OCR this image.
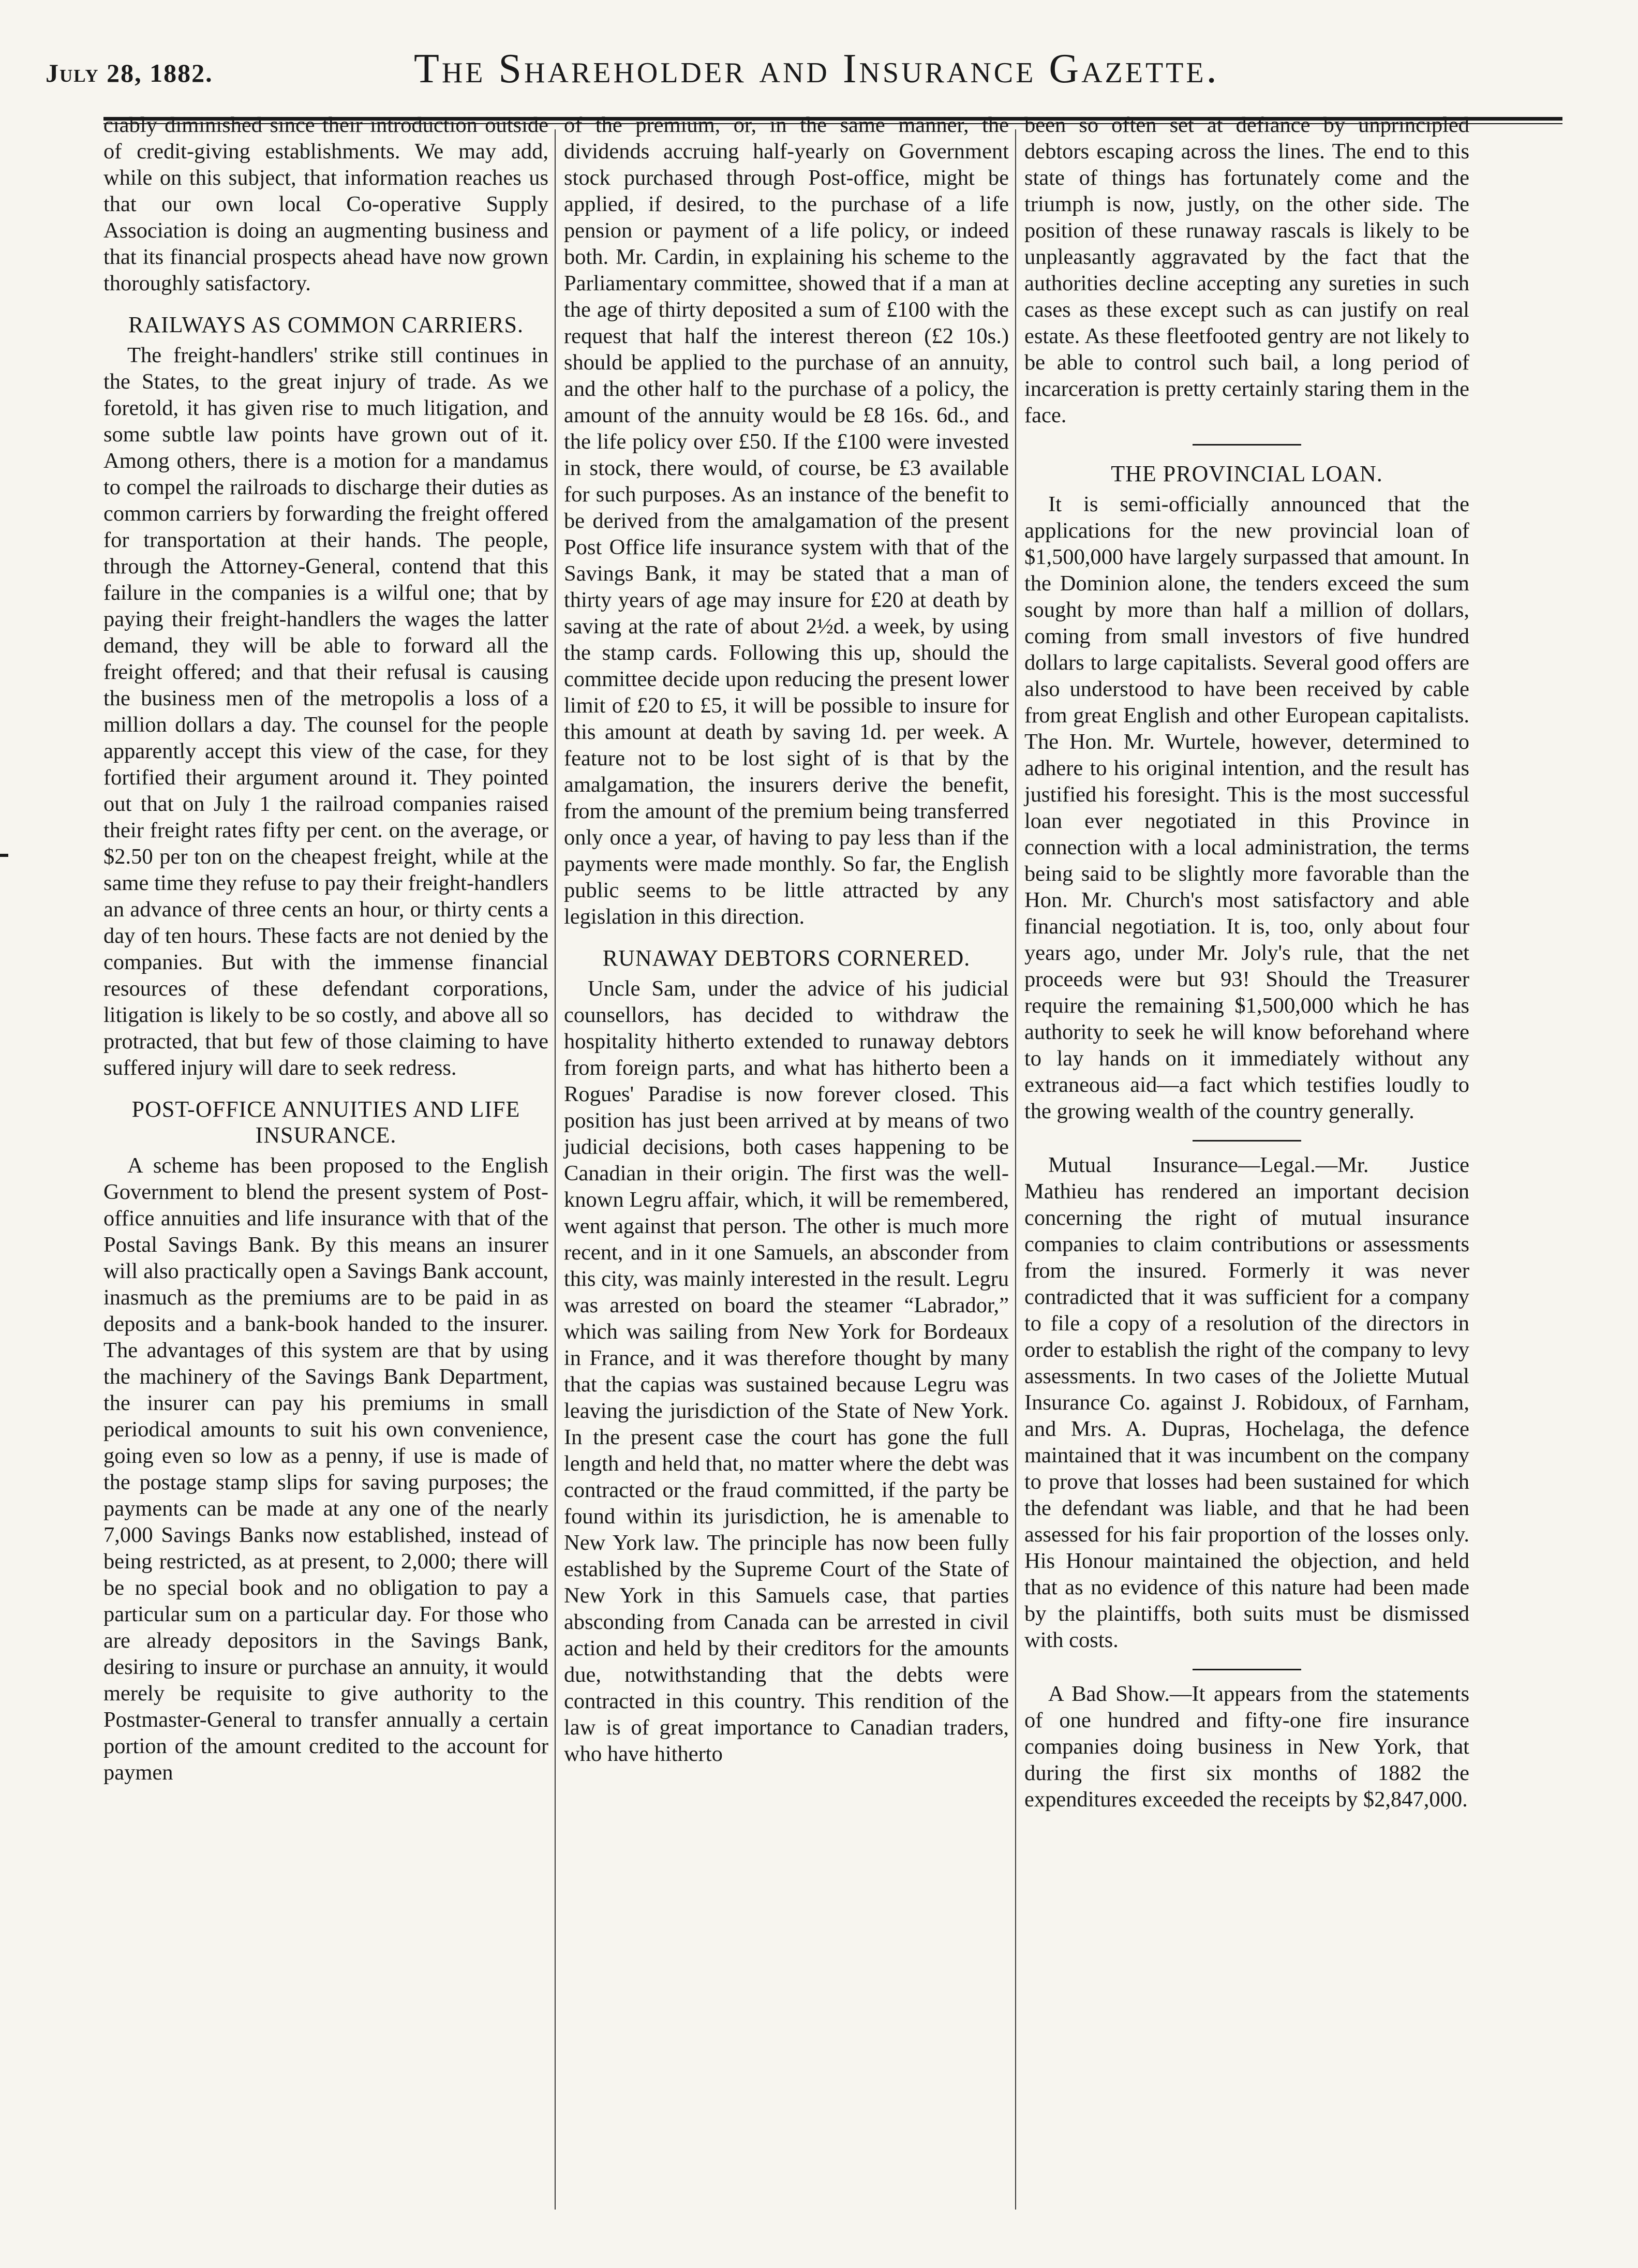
July 28, 1882.	The Shareholder and Insurance Gazette.

ciably diminished since their introduction outside of credit-giving establishments. We may add, while on this subject, that information reaches us that our own local Co-operative Supply Association is doing an augmenting business and that its financial prospects ahead have now grown thoroughly satisfactory.

RAILWAYS AS COMMON CARRIERS.

The freight-handlers' strike still continues in the States, to the great injury of trade. As we foretold, it has given rise to much litigation, and some subtle law points have grown out of it. Among others, there is a motion for a mandamus to compel the railroads to discharge their duties as common carriers by forwarding the freight offered for transportation at their hands. The people, through the Attorney-General, contend that this failure in the companies is a wilful one; that by paying their freight-handlers the wages the latter demand, they will be able to forward all the freight offered; and that their refusal is causing the business men of the metropolis a loss of a million dollars a day. The counsel for the people apparently accept this view of the case, for they fortified their argument around it. They pointed out that on July 1 the railroad companies raised their freight rates fifty per cent. on the average, or $2.50 per ton on the cheapest freight, while at the same time they refuse to pay their freight-handlers an advance of three cents an hour, or thirty cents a day of ten hours. These facts are not denied by the companies. But with the immense financial resources of these defendant corporations, litigation is likely to be so costly, and above all so protracted, that but few of those claiming to have suffered injury will dare to seek redress.

POST-OFFICE ANNUITIES AND LIFE INSURANCE.

A scheme has been proposed to the English Government to blend the present system of Post-office annuities and life insurance with that of the Postal Savings Bank. By this means an insurer will also practically open a Savings Bank account, inasmuch as the premiums are to be paid in as deposits and a bank-book handed to the insurer. The advantages of this system are that by using the machinery of the Savings Bank Department, the insurer can pay his premiums in small periodical amounts to suit his own convenience, going even so low as a penny, if use is made of the postage stamp slips for saving purposes; the payments can be made at any one of the nearly 7,000 Savings Banks now established, instead of being restricted, as at present, to 2,000; there will be no special book and no obligation to pay a particular sum on a particular day. For those who are already depositors in the Savings Bank, desiring to insure or purchase an annuity, it would merely be requisite to give authority to the Postmaster-General to transfer annually a certain portion of the amount credited to the account for paymen

of the premium, or, in the same manner, the dividends accruing half-yearly on Government stock purchased through Post-office, might be applied, if desired, to the purchase of a life pension or payment of a life policy, or indeed both. Mr. Cardin, in explaining his scheme to the Parliamentary committee, showed that if a man at the age of thirty deposited a sum of £100 with the request that half the interest thereon (£2 10s.) should be applied to the purchase of an annuity, and the other half to the purchase of a policy, the amount of the annuity would be £8 16s. 6d., and the life policy over £50. If the £100 were invested in stock, there would, of course, be £3 available for such purposes. As an instance of the benefit to be derived from the amalgamation of the present Post Office life insurance system with that of the Savings Bank, it may be stated that a man of thirty years of age may insure for £20 at death by saving at the rate of about 2½d. a week, by using the stamp cards. Following this up, should the committee decide upon reducing the present lower limit of £20 to £5, it will be possible to insure for this amount at death by saving 1d. per week. A feature not to be lost sight of is that by the amalgamation, the insurers derive the benefit, from the amount of the premium being transferred only once a year, of having to pay less than if the payments were made monthly. So far, the English public seems to be little attracted by any legislation in this direction.

RUNAWAY DEBTORS CORNERED.

Uncle Sam, under the advice of his judicial counsellors, has decided to withdraw the hospitality hitherto extended to runaway debtors from foreign parts, and what has hitherto been a Rogues' Paradise is now forever closed. This position has just been arrived at by means of two judicial decisions, both cases happening to be Canadian in their origin. The first was the well-known Legru affair, which, it will be remembered, went against that person. The other is much more recent, and in it one Samuels, an absconder from this city, was mainly interested in the result. Legru was arrested on board the steamer “Labrador,” which was sailing from New York for Bordeaux in France, and it was therefore thought by many that the capias was sustained because Legru was leaving the jurisdiction of the State of New York. In the present case the court has gone the full length and held that, no matter where the debt was contracted or the fraud committed, if the party be found within its jurisdiction, he is amenable to New York law. The principle has now been fully established by the Supreme Court of the State of New York in this Samuels case, that parties absconding from Canada can be arrested in civil action and held by their creditors for the amounts due, notwithstanding that the debts were contracted in this country. This rendition of the law is of great importance to Canadian traders, who have hitherto

been so often set at defiance by unprincipled debtors escaping across the lines. The end to this state of things has fortunately come and the triumph is now, justly, on the other side. The position of these runaway rascals is likely to be unpleasantly aggravated by the fact that the authorities decline accepting any sureties in such cases as these except such as can justify on real estate. As these fleetfooted gentry are not likely to be able to control such bail, a long period of incarceration is pretty certainly staring them in the face.

THE PROVINCIAL LOAN.

It is semi-officially announced that the applications for the new provincial loan of $1,500,000 have largely surpassed that amount. In the Dominion alone, the tenders exceed the sum sought by more than half a million of dollars, coming from small investors of five hundred dollars to large capitalists. Several good offers are also understood to have been received by cable from great English and other European capitalists. The Hon. Mr. Wurtele, however, determined to adhere to his original intention, and the result has justified his foresight. This is the most successful loan ever negotiated in this Province in connection with a local administration, the terms being said to be slightly more favorable than the Hon. Mr. Church's most satisfactory and able financial negotiation. It is, too, only about four years ago, under Mr. Joly's rule, that the net proceeds were but 93! Should the Treasurer require the remaining $1,500,000 which he has authority to seek he will know beforehand where to lay hands on it immediately without any extraneous aid—a fact which testifies loudly to the growing wealth of the country generally.

Mutual Insurance—Legal.—Mr. Justice Mathieu has rendered an important decision concerning the right of mutual insurance companies to claim contributions or assessments from the insured. Formerly it was never contradicted that it was sufficient for a company to file a copy of a resolution of the directors in order to establish the right of the company to levy assessments. In two cases of the Joliette Mutual Insurance Co. against J. Robidoux, of Farnham, and Mrs. A. Dupras, Hochelaga, the defence maintained that it was incumbent on the company to prove that losses had been sustained for which the defendant was liable, and that he had been assessed for his fair proportion of the losses only. His Honour maintained the objection, and held that as no evidence of this nature had been made by the plaintiffs, both suits must be dismissed with costs.

A Bad Show.—It appears from the statements of one hundred and fifty-one fire insurance companies doing business in New York, that during the first six months of 1882 the expenditures exceeded the receipts by $2,847,000.
